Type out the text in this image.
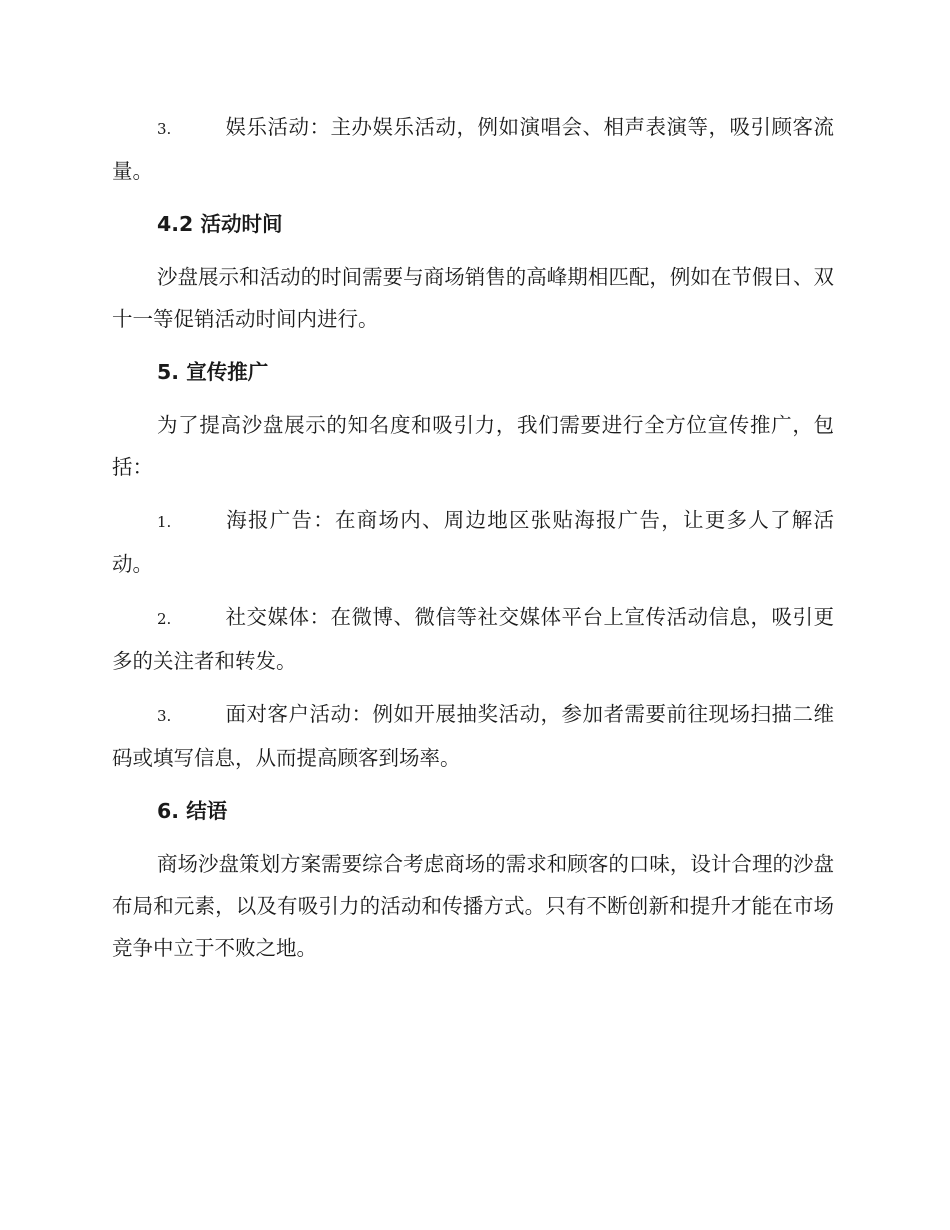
3.	娱乐活动：主办娱乐活动，例如演唱会、相声表演等，吸引顾客流量。
4.2 活动时间

沙盘展示和活动的时间需要与商场销售的高峰期相匹配，例如在节假日、双十一等促销活动时间内进行。

5. 宣传推广

为了提高沙盘展示的知名度和吸引力，我们需要进行全方位宣传推广，包括：

1.	海报广告：在商场内、周边地区张贴海报广告，让更多人了解活动。
2.	社交媒体：在微博、微信等社交媒体平台上宣传活动信息，吸引更多的关注者和转发。
3.	面对客户活动：例如开展抽奖活动，参加者需要前往现场扫描二维码或填写信息，从而提高顾客到场率。
6. 结语

商场沙盘策划方案需要综合考虑商场的需求和顾客的口味，设计合理的沙盘布局和元素，以及有吸引力的活动和传播方式。只有不断创新和提升才能在市场竞争中立于不败之地。
